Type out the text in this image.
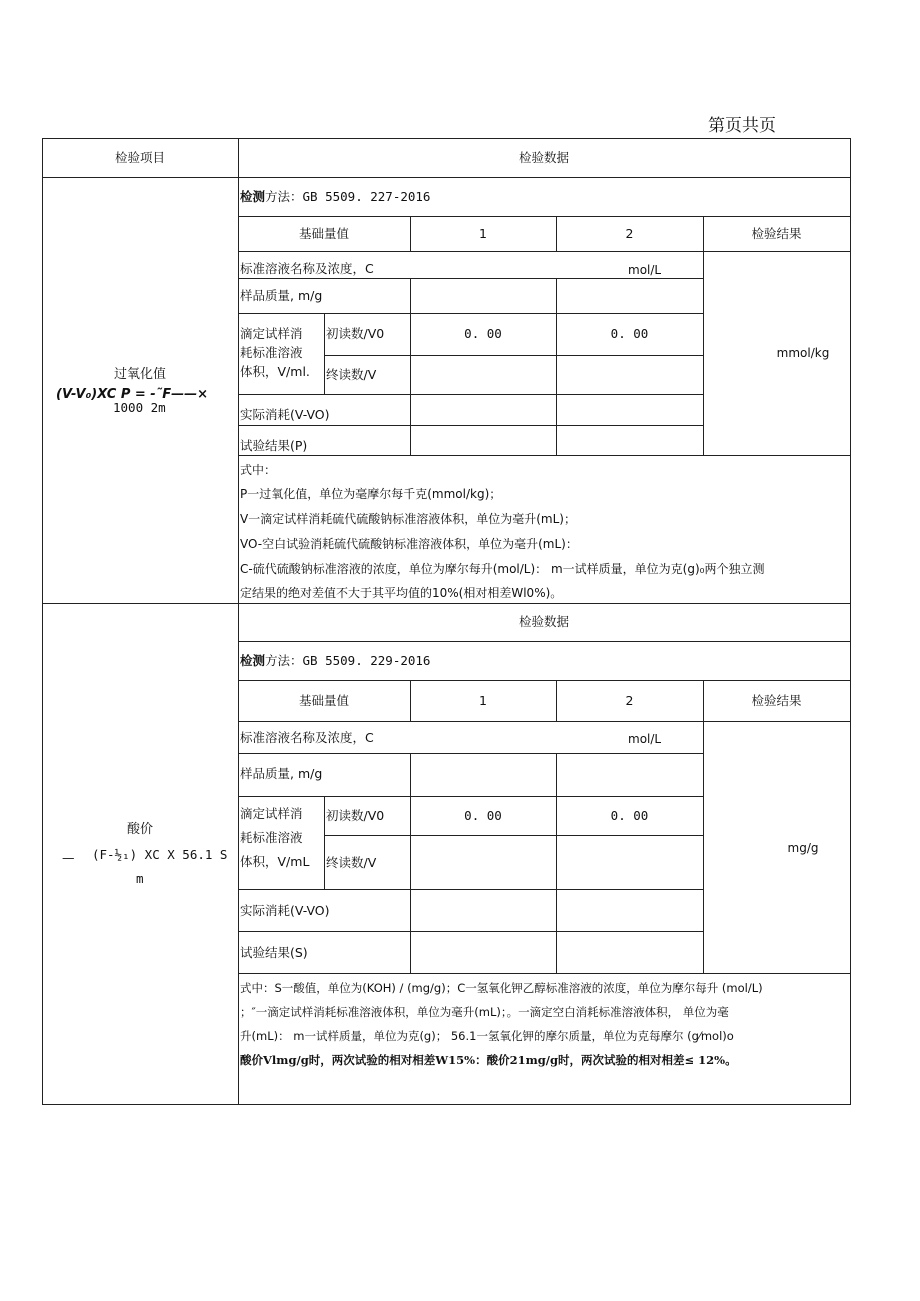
第页共页
检验项目	检验数据
过氧化值
(V-V₀)XC P = -˜F——×
1000 2m
检测方法：GB 5509. 227-2016
基础量值	1	2	检验结果
标准溶液名称及浓度，C	mol/L
样品质量, m/g
滴定试样消
耗标准溶液
体积，V/ml.
初读数/V0	0. 00	0. 00
终读数/V
实际消耗(V-VO)
试验结果(P)
mmol/kg
式中：
P一过氧化值，单位为毫摩尔每千克(mmol/kg)；
V一滴定试样消耗硫代硫酸钠标准溶液体积，单位为毫升(mL)；
VO-空白试验消耗硫代硫酸钠标准溶液体积，单位为毫升(mL)：
C-硫代硫酸钠标准溶液的浓度，单位为摩尔每升(mol/L)： m一试样质量，单位为克(g)₀两个独立测
定结果的绝对差值不大于其平均值的10%(相对相差Wl0%)。
检验数据
酸价
— (F-½₁) XC X 56.1 S
m
检测方法：GB 5509. 229-2016
基础量值	1	2	检验结果
标准溶液名称及浓度，C	mol/L
样品质量, m/g
滴定试样消
耗标准溶液
体积，V/mL
初读数/V0	0. 00	0. 00
终读数/V
实际消耗(V-VO)
试验结果(S)
mg/g
式中：S一酸值，单位为(KOH) / (mg/g)；C一氢氧化钾乙醇标准溶液的浓度，单位为摩尔每升 (mol/L)
；″一滴定试样消耗标准溶液体积，单位为毫升(mL)；。一滴定空白消耗标准溶液体积， 单位为毫
升(mL)： m一试样质量，单位为克(g)； 56.1一氢氧化钾的摩尔质量，单位为克每摩尔 (g⁄mol)o
酸价Vlmg/g时，两次试验的相对相差W15%：酸价21mg/g时，两次试验的相对相差≤ 12%。
